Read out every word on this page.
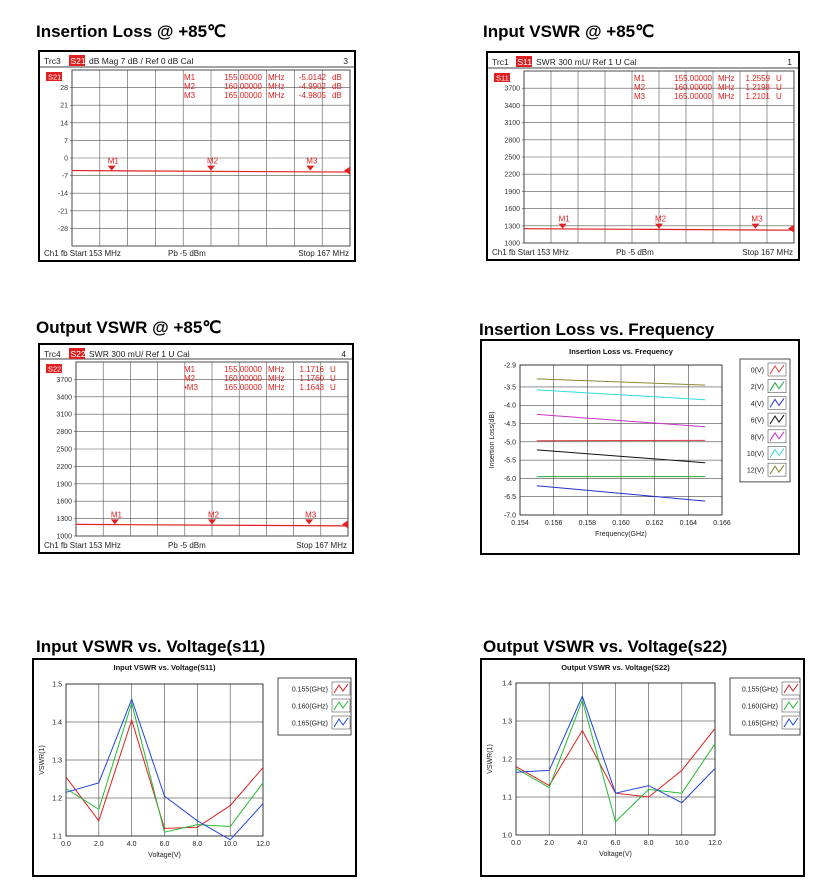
Insertion Loss @ +85℃	Input VSWR @ +85℃
Output VSWR @ +85℃	Insertion Loss vs. Frequency
Input VSWR vs. Voltage(s11)	Output VSWR vs. Voltage(s22)
Trc3 S21 dB Mag 7 dB / Ref 0 dB Cal	3
28
21
14
7
0
-7
-14
-21
-28
S21	M1	155.00000 MHz -5.0142 dB
M2	160.00000 MHz -4.9902 dB
M3	165.00000 MHz -4.9805 dB
M1	M2	M3
Ch1 fb Start 153 MHz	Pb -5 dBm	Stop 167 MHz
Trc1 S11 SWR 300 mU/ Ref 1 U Cal	1
3700
3400
3100
2800
2500
2200
1900
1600
1300
1000
S11	M1	155.00000 MHz 1.2559 U
M2	160.00000 MHz 1.2198 U
M3	165.00000 MHz 1.2101 U
M1	M2	M3
Ch1 fb Start 153 MHz	Pb -5 dBm	Stop 167 MHz
Trc4 S22 SWR 300 mU/ Ref 1 U Cal	4
3700
3400
3100
2800
2500
2200
1900
1600
1300
1000
S22	M1	155.00000 MHz 1.1716 U
M2	160.00000 MHz 1.1760 U
•M3	165.00000 MHz 1.1643 U
M1	M2	M3
Ch1 fb Start 153 MHz	Pb -5 dBm	Stop 167 MHz
Insertion Loss vs. Frequency
0.154 0.156 0.158 0.160 0.162 0.164 0.166
-2.9
-3.5
-4.0
-4.5
-5.0
-5.5
-6.0
-6.5
-7.0
Frequency(GHz)
Insertion Loss(dB)
0(V)
2(V)
4(V)
6(V)
8(V)
10(V)
12(V)
Input VSWR vs. Voltage(S11)
0.0	2.0	4.0	6.0	8.0	10.0	12.0
1.5
1.4
1.3
1.2
1.1
Voltage(V)
VSWR(1)
0.155(GHz)
0.160(GHz)
0.165(GHz)
Output VSWR vs. Voltage(S22)
0.0	2.0	4.0	6.0	8.0	10.0	12.0
1.4
1.3
1.2
1.1
1.0
Voltage(V)
VSWR(1)
0.155(GHz)
0.160(GHz)
0.165(GHz)
